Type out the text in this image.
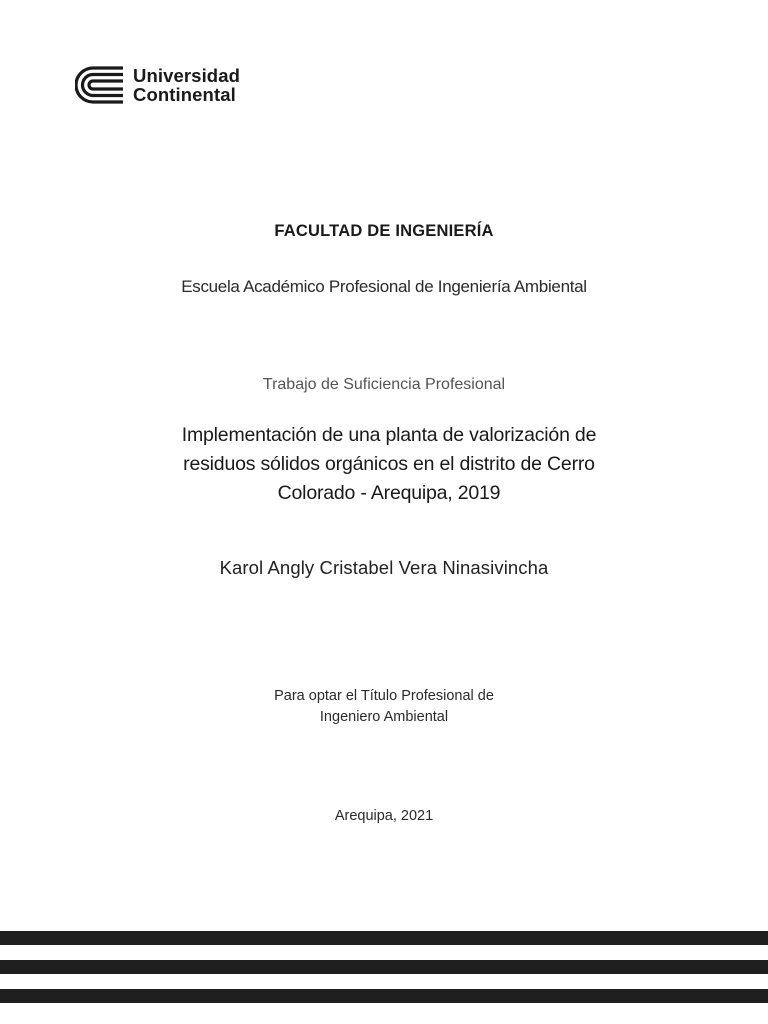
Universidad
Continental
FACULTAD DE INGENIERÍA
Escuela Académico Profesional de Ingeniería Ambiental
Trabajo de Suficiencia Profesional
Implementación de una planta de valorización de residuos sólidos orgánicos en el distrito de Cerro Colorado - Arequipa, 2019
Karol Angly Cristabel Vera Ninasivincha
Para optar el Título Profesional de
Ingeniero Ambiental
Arequipa, 2021
